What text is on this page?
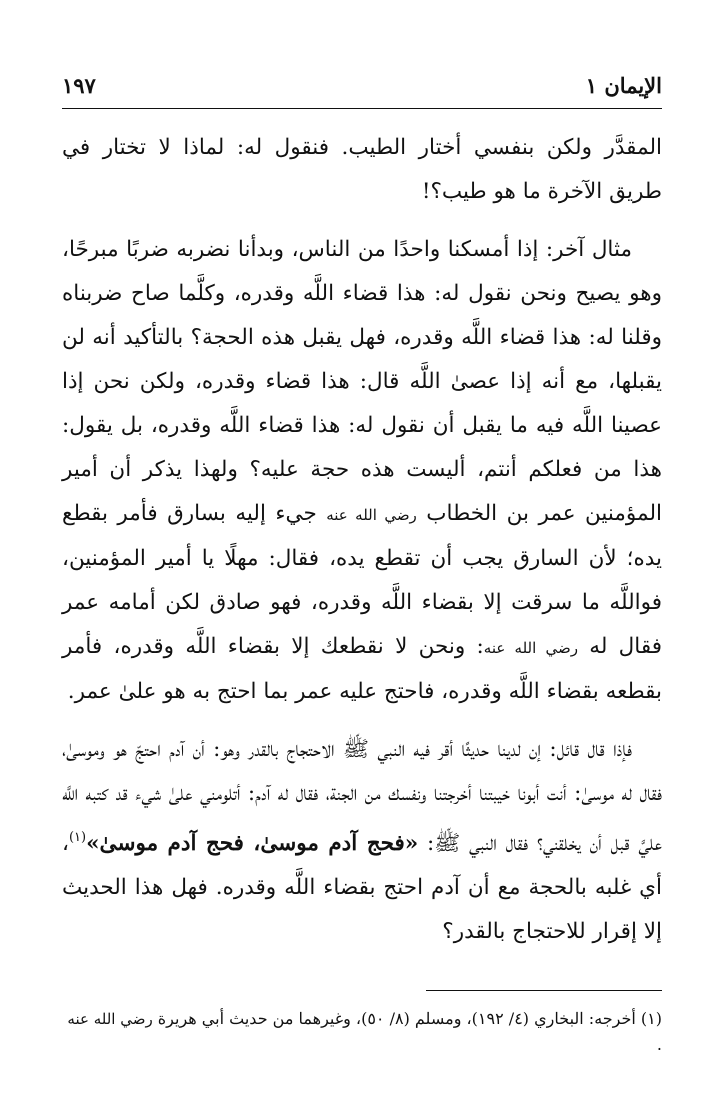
الإيمان ١
١٩٧

المقدَّر ولكن بنفسي أختار الطيب. فنقول له: لماذا لا تختار في طريق الآخرة ما هو طيب؟!

مثال آخر: إذا أمسكنا واحدًا من الناس، وبدأنا نضربه ضربًا مبرحًا، وهو يصيح ونحن نقول له: هذا قضاء اللَّه وقدره، وكلَّما صاح ضربناه وقلنا له: هذا قضاء اللَّه وقدره، فهل يقبل هذه الحجة؟ بالتأكيد أنه لن يقبلها، مع أنه إذا عصىٰ اللَّه قال: هذا قضاء وقدره، ولكن نحن إذا عصينا اللَّه فيه ما يقبل أن نقول له: هذا قضاء اللَّه وقدره، بل يقول: هذا من فعلكم أنتم، أليست هذه حجة عليه؟ ولهذا يذكر أن أمير المؤمنين عمر بن الخطاب رضي الله عنه جيء إليه بسارق فأمر بقطع يده؛ لأن السارق يجب أن تقطع يده، فقال: مهلًا يا أمير المؤمنين، فواللَّه ما سرقت إلا بقضاء اللَّه وقدره، فهو صادق لكن أمامه عمر فقال له رضي الله عنه: ونحن لا نقطعك إلا بقضاء اللَّه وقدره، فأمر بقطعه بقضاء اللَّه وقدره، فاحتج عليه عمر بما احتج به هو علىٰ عمر.

فإذا قال قائل: إن لدينا حديثًا أقر فيه النبي ﷺ الاحتجاج بالقدر وهو: أن آدم احتجّ هو وموسىٰ، فقال له موسىٰ: أنت أبونا خيبتنا أخرجتنا ونفسك من الجنة، فقال له آدم: أتلومني علىٰ شيء قد كتبه اللَّه عليَّ قبل أن يخلقني؟ فقال النبي ﷺ: «فحج آدم موسىٰ، فحج آدم موسىٰ»$^{(١)}$، أي غلبه بالحجة مع أن آدم احتج بقضاء اللَّه وقدره. فهل هذا الحديث إلا إقرار للاحتجاج بالقدر؟

(١) أخرجه: البخاري (٤/ ١٩٢)، ومسلم (٨/ ٥٠)، وغيرهما من حديث أبي هريرة رضي الله عنه .
